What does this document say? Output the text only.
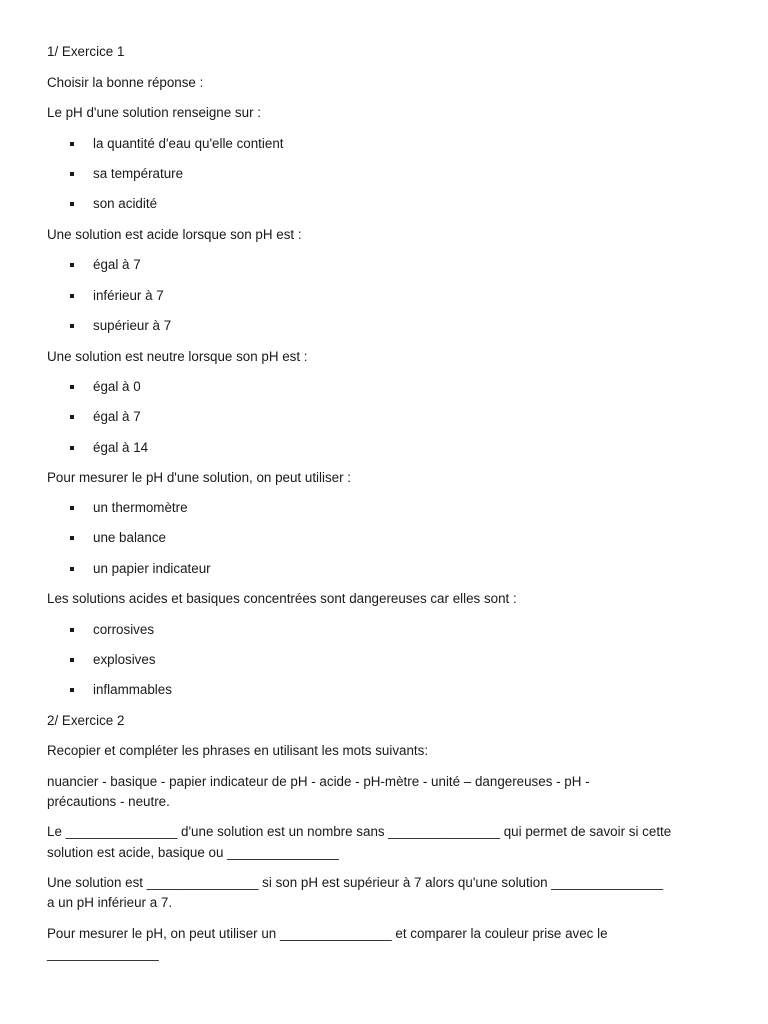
1/ Exercice 1
Choisir la bonne réponse :
Le pH d'une solution renseigne sur :
la quantité d'eau qu'elle contient
sa température
son acidité
Une solution est acide lorsque son pH est :
égal à 7
inférieur à 7
supérieur à 7
Une solution est neutre lorsque son pH est :
égal à 0
égal à 7
égal à 14
Pour mesurer le pH d'une solution, on peut utiliser :
un thermomètre
une balance
un papier indicateur
Les solutions acides et basiques concentrées sont dangereuses car elles sont :
corrosives
explosives
inflammables
2/ Exercice 2
Recopier et compléter les phrases en utilisant les mots suivants:
nuancier - basique - papier indicateur de pH - acide - pH-mètre - unité – dangereuses - pH -
précautions - neutre.
Le _______________ d'une solution est un nombre sans _______________ qui permet de savoir si cette
solution est acide, basique ou _______________
Une solution est _______________ si son pH est supérieur à 7 alors qu'une solution _______________
a un pH inférieur a 7.
Pour mesurer le pH, on peut utiliser un _______________ et comparer la couleur prise avec le
_______________
